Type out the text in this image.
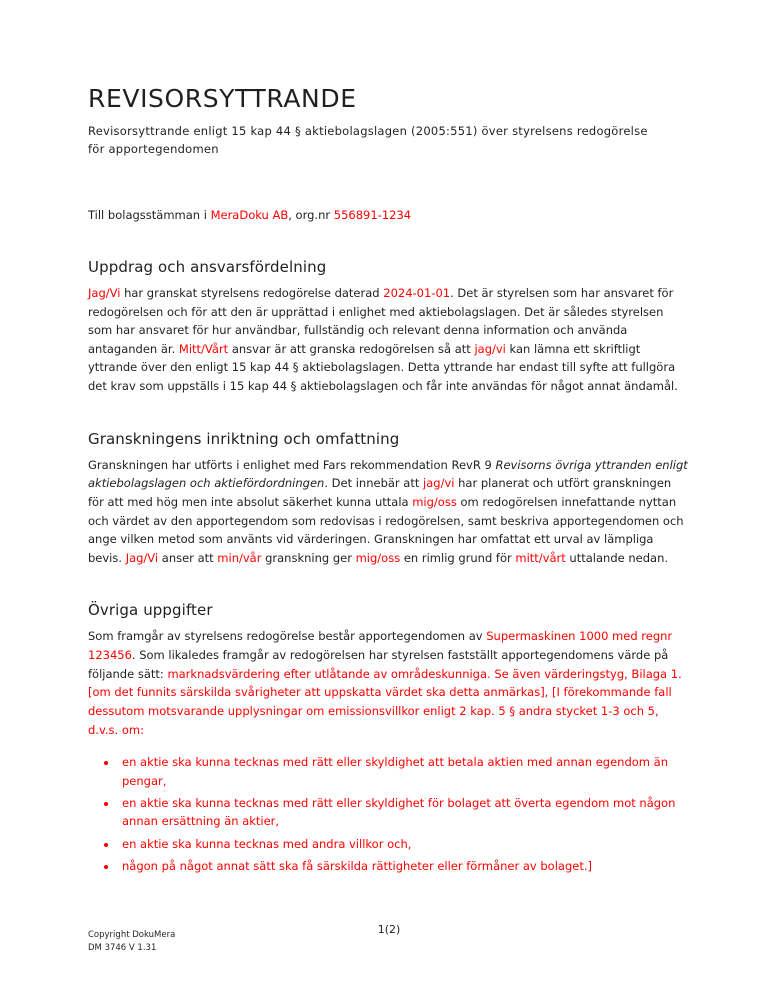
REVISORSYTTRANDE

Revisorsyttrande enligt 15 kap 44 § aktiebolagslagen (2005:551) över styrelsens redogörelse för apportegendomen

Till bolagsstämman i MeraDoku AB, org.nr 556891-1234

Uppdrag och ansvarsfördelning

Jag/Vi har granskat styrelsens redogörelse daterad 2024-01-01. Det är styrelsen som har ansvaret för redogörelsen och för att den är upprättad i enlighet med aktiebolagslagen. Det är således styrelsen som har ansvaret för hur användbar, fullständig och relevant denna information och använda antaganden är. Mitt/Vårt ansvar är att granska redogörelsen så att jag/vi kan lämna ett skriftligt yttrande över den enligt 15 kap 44 § aktiebolagslagen. Detta yttrande har endast till syfte att fullgöra det krav som uppställs i 15 kap 44 § aktiebolagslagen och får inte användas för något annat ändamål.

Granskningens inriktning och omfattning

Granskningen har utförts i enlighet med Fars rekommendation RevR 9 Revisorns övriga yttranden enligt aktiebolagslagen och aktiefördordningen. Det innebär att jag/vi har planerat och utfört granskningen för att med hög men inte absolut säkerhet kunna uttala mig/oss om redogörelsen innefattande nyttan och värdet av den apportegendom som redovisas i redogörelsen, samt beskriva apportegendomen och ange vilken metod som använts vid värderingen. Granskningen har omfattat ett urval av lämpliga bevis. Jag/Vi anser att min/vår granskning ger mig/oss en rimlig grund för mitt/vårt uttalande nedan.

Övriga uppgifter

Som framgår av styrelsens redogörelse består apportegendomen av Supermaskinen 1000 med regnr 123456. Som likaledes framgår av redogörelsen har styrelsen fastställt apportegendomens värde på följande sätt: marknadsvärdering efter utlåtande av områdeskunniga. Se även värderingstyg, Bilaga 1. [om det funnits särskilda svårigheter att uppskatta värdet ska detta anmärkas], [I förekommande fall dessutom motsvarande upplysningar om emissionsvillkor enligt 2 kap. 5 § andra stycket 1-3 och 5, d.v.s. om:

• en aktie ska kunna tecknas med rätt eller skyldighet att betala aktien med annan egendom än pengar,
• en aktie ska kunna tecknas med rätt eller skyldighet för bolaget att överta egendom mot någon annan ersättning än aktier,
• en aktie ska kunna tecknas med andra villkor och,
• någon på något annat sätt ska få särskilda rättigheter eller förmåner av bolaget.]
1(2)
Copyright DokuMera
DM 3746 V 1.31
